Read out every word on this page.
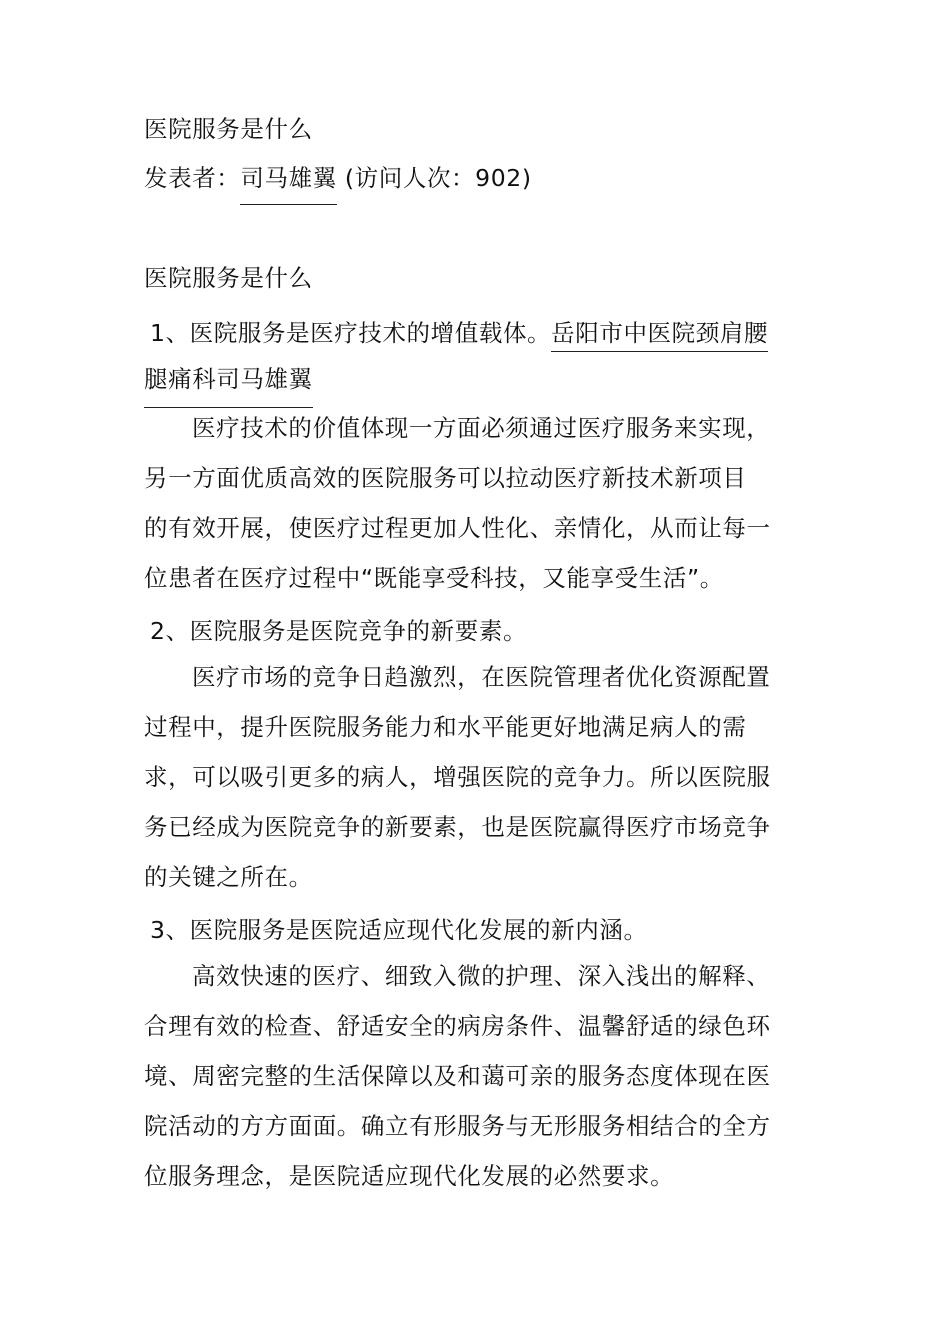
医院服务是什么
发表者：司马雄翼 (访问人次：902)
医院服务是什么
1、医院服务是医疗技术的增值载体。岳阳市中医院颈肩腰
腿痛科司马雄翼
医疗技术的价值体现一方面必须通过医疗服务来实现，
另一方面优质高效的医院服务可以拉动医疗新技术新项目
的有效开展，使医疗过程更加人性化、亲情化，从而让每一
位患者在医疗过程中“既能享受科技，又能享受生活”。
2、医院服务是医院竞争的新要素。
医疗市场的竞争日趋激烈，在医院管理者优化资源配置
过程中，提升医院服务能力和水平能更好地满足病人的需
求，可以吸引更多的病人，增强医院的竞争力。所以医院服
务已经成为医院竞争的新要素，也是医院赢得医疗市场竞争
的关键之所在。
3、医院服务是医院适应现代化发展的新内涵。
高效快速的医疗、细致入微的护理、深入浅出的解释、
合理有效的检查、舒适安全的病房条件、温馨舒适的绿色环
境、周密完整的生活保障以及和蔼可亲的服务态度体现在医
院活动的方方面面。确立有形服务与无形服务相结合的全方
位服务理念，是医院适应现代化发展的必然要求。
